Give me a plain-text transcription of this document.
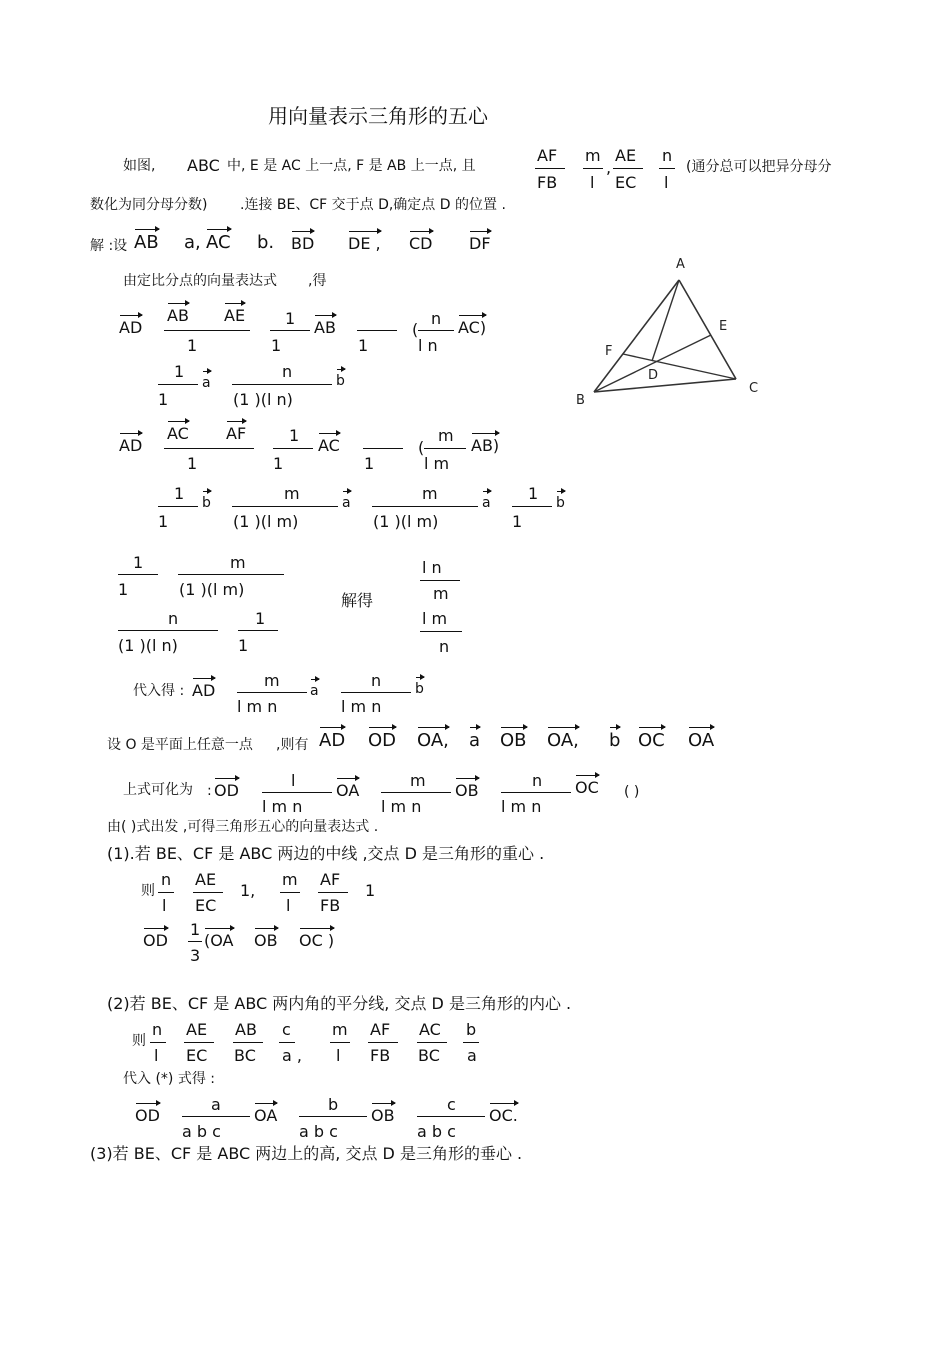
用向量表示三角形的五心
如图, ABC 中, E 是 AC 上一点, F 是 AB 上一点, 且
AF
FB
m
l
,
AE
EC
n
l
(通分总可以把异分母分
数化为同分母分数) .连接 BE、CF 交于点 D,确定点 D 的位置 .
解 :设 AB a, AC b. BD DE , CD DF
由定比分点的向量表达式 ,得
AD
AB AE
1
1
1
AB
1
(
n
l n
AC)
1
1
a
n
(1 )(l n)
b
AD
AC AF
1
1
1
AC
1
(
m
l m
AB)
1
1
b	m
(1 )(l m)
a	m
(1 )(l m)
a 1
1
b
1
1
m
(1 )(l m)
n
(1 )(l n)
1
1
解得
l n
m
l m
n
代入得 : AD
m
l m n
a
n
l m n
b
设 O 是平面上任意一点 ,则有 AD OD OA, a OB OA, b OC OA
上式可化为 : OD
l
l m n
OA
m
l m n
OB
n
l m n
OC ( )
由( )式出发 ,可得三角形五心的向量表达式 .
(1).若 BE、CF 是 ABC 两边的中线 ,交点 D 是三角形的重心 .
则
n
l
AE
EC
1,
m
l
AF
FB
1
OD
1
3
(OA OB OC )
(2)若 BE、CF 是 ABC 两内角的平分线, 交点 D 是三角形的内心 .
则
n
l
AE
EC
AB
BC
c
a ,
m
l
AF
FB
AC
BC
b
a
代入 (*) 式得 :
OD
a
a b c
OA
b
a b c
OB
c
a b c
OC.
(3)若 BE、CF 是 ABC 两边上的高, 交点 D 是三角形的垂心 .
A
B
C
D
E
F
